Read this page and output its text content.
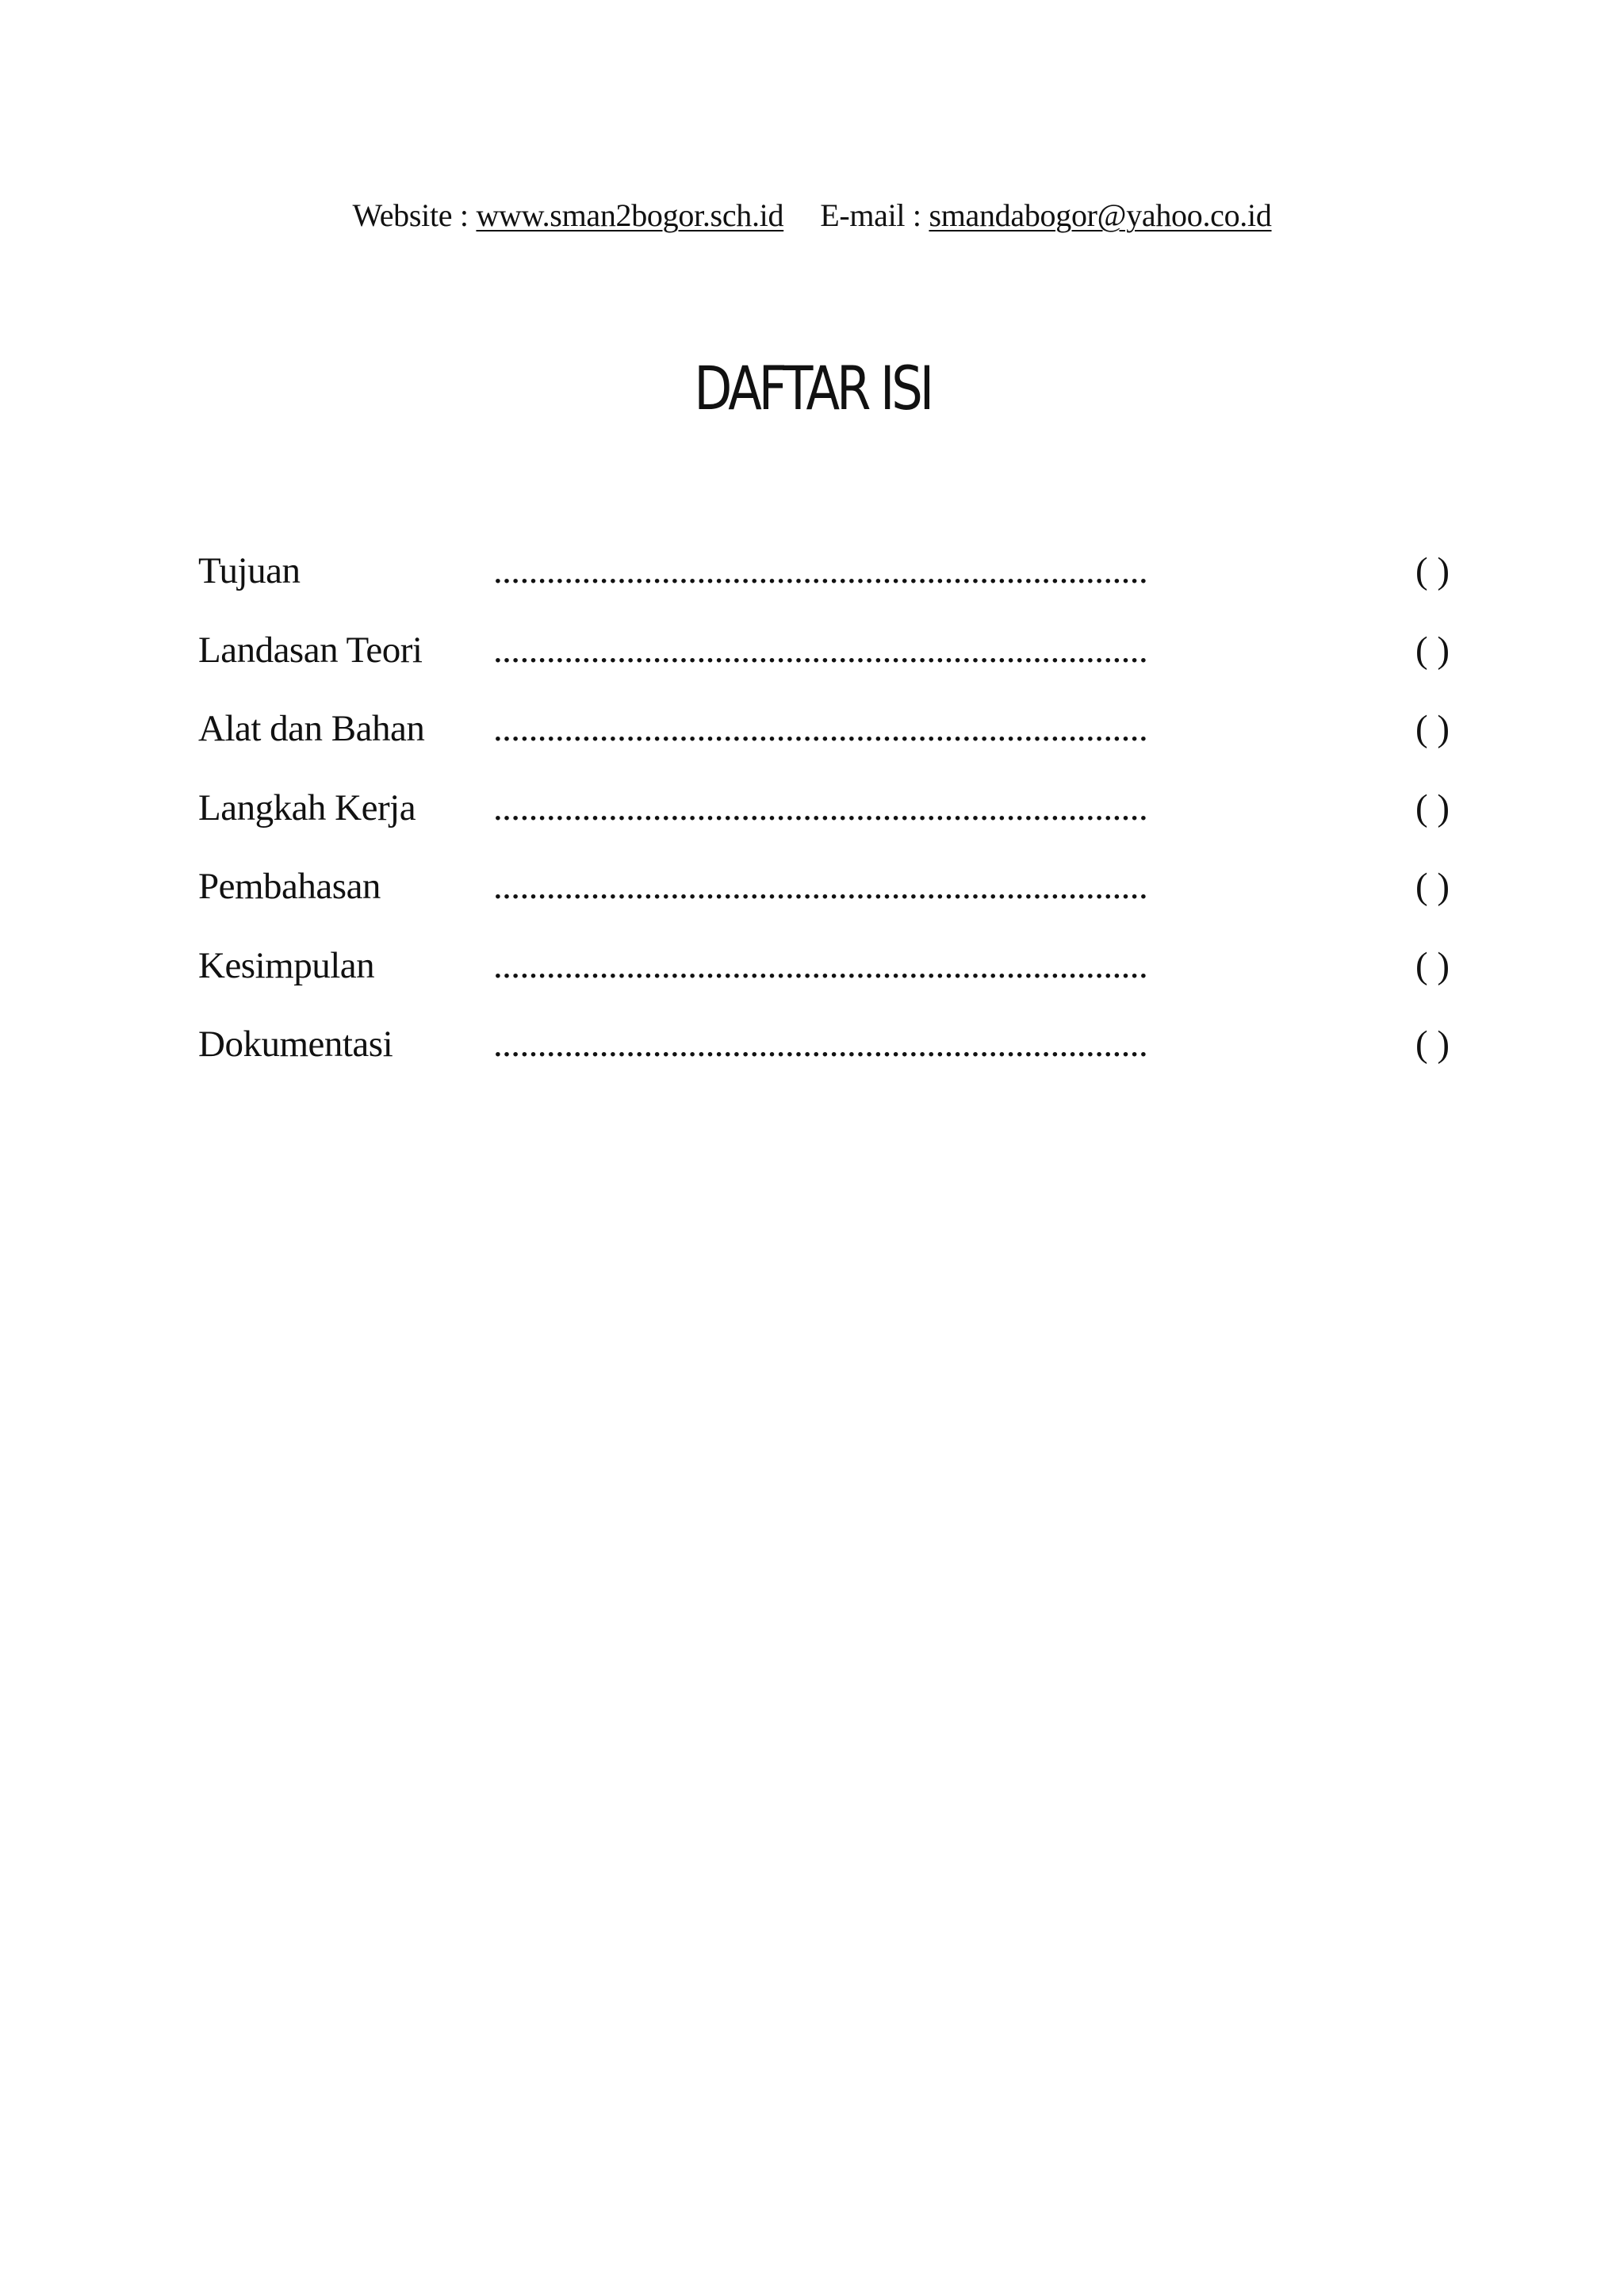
Website : www.sman2bogor.sch.id E-mail : smandabogor@yahoo.co.id
DAFTAR ISI
Tujuan	..........................................................................	( )
Landasan Teori ..........................................................................	( )
Alat dan Bahan ..........................................................................	( )
Langkah Kerja ..........................................................................	( )
Pembahasan	..........................................................................	( )
Kesimpulan	..........................................................................	( )
Dokumentasi	..........................................................................	( )
